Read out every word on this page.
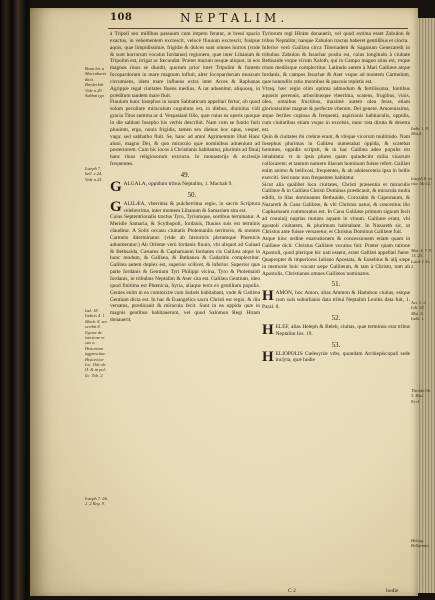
108	NEPTALIM.

à Tripoli sex millibus passuum cum impetu feratur, æ breui spacio exactus, in vehementem excrescit, velocê fluuium excrescit, fusipue aquis, quæ limpidissimæ, frigidæ & dulces sunt omnes horros (vnde & sunt horrorum vocatus Iordanus) regionem, quæ inter Libanum & Tripolim est, irrigat ac fœcundat. Præter murum resque aliquot, in eos magnos riuos se diuidit, quorum prior inter Tripolim & fontem Iocopardorum in mare magnum influit, alter Iocopardorum muscum circumiens, idem mare influens extra inter Arces & Raphanas Agrippæ regal ciuitates fluens medius, A rat aduenitur, aliquosq, in præditum tandem mare fluit.

Fluuium hunc Iosephus in suum Sabbaticum appellari fertur, ob quod solum peculiare miraculum cognitum est, in diebus, diuinitus vidi gracia Titus summa ac d. Vespasiani filio, quæ cuius ea operis quoque in die sabbati Iosepho his verbis describit. Nam cum se fundo furit pluuium, ergo, nouis frigidis, tamen sex diebus hoc opus, vesper, vaga: sed sabbatho fluit. Se, hanc ad amni Agrimentum illud Hanc aluni, magno Dei, & quo miraculo quæ nominibus adueniunt ad posteriorem. Cum hic iocos à Christianis habitantur, plurimis ad fluuij hanc riuos religiosorum extructa. In monasterijs & ecclesijs frequentes.

49.

GALGALA, oppidum tribus Neptalim, 1. Machab 9.

50.

GALILÆA, vberrima & pulcherrima regio, in sacris Scriptura celeberrima, inter montem Libanum & Samariam sita est.

Cuius Septentrionalis tractus Tyro, Tyriumque, sortibus terminatur. A Meridie Samaria, & Scythopoli, Iordanis, fluuius suis est terminis clauditur. A Solis occasu ciuitatis Ptolemaidis territorio, & montes Carmelo diterminatur. (vide ab historicis plerumque Phœnicis adnumeratur.) Ab Oriente verò Iordanis fluuio, vbi aliquot ad Galaad & Bethsaida, Cæsarea & Capharnaum Iordanes cis Galilæa atque in hunc modum, & Galilæa, & Bathanea & Gadaritis complectitur. Galilæa autem duplex est, superior scilicet, & inferior. Superior quæ parte Iordanis & Gentium Tyri Philippi vicina, Tyro & Ptolemaidi Iordanis, in tribubus Neptalim & Aser sita est. Galilæa Gentium, ideo quod finitima est Phœnicia, Syria, aliaque terra ex gentilium populis. Gentes enim in ea commixtæ cum Iudæis habitabant, vnde & Galilæa Gentium dicta est. In hac & Euangelica sacra Christi est regio, & diu versatus, prædicauit & miracula fecit. Sunt in ea oppida quæ in magnis gentibus habitauerunt, vel quod Salomon Regi Hiram donauerit.

Tyriorum regi Hiram donauerit, vel quod extima esset Zabulon & tribus Neptalim; nanque Zabulon tractus haberet gentilibus et cincta.

Inferior verò Galilæa circa Tiberiadem & Saganum Genezareth in tribubus Zabulon & Issachar posita est, cuius longitudo à ciuitate Bethsaide vsque vicum Xaloth, qui in Campo magno situs est, vsque trium mediisque complectitur. Latitudo autem à Mari Galilææ atque Iordanis, & campos Issachar & Aser vsque ad montem Carmelum, quæ nonnullis ratio montibus & pascuis repletis est.

Vtraq. hæc regio olim optima admodum & fertilissima, fontibus aquosis perennis, arboribusque vberrima, scatens, frugibus, vinis, oleo, omnibus fructibus, maximè autem olea feras, etiam gloriosissime magnæ & perfectæ vberum. Dei genere. Amoenissima, atque fertiles copiosa & frequenti, aspicionis habitaculis, oppidis, cum ciuitatibus etiam vsque in excelsis, nunc tota diruta & deserta est.

Quin & ciuitates ibi crebræ erant, & vbique vicorum multitudo. Nam Iosephus plurimas in Galilæa numerabat oppida, & scatebat homines, oppidis scripsit, & in hac Galilæa adeo populis est inhabitata: vt in ipsis plures quam quindecim milia viuorum collocarent; et tantum numero illarum hominum fuisse refert. Galilæi enim animo & bellicosi, frequentes, & ab adolescentia ipsa in bellis exerciti. Sed nunc non frequentes habitatur.

Sicut alia qualibet loca ciuitates, Christi præsentia et miraculis Galilææ & in Galilæa Christi Dominus prædicauit, & miracula multa edidit, in illas dominantes Bethsaide, Corozaim & Capernaum, & Nazareth & Cana Galilææ, & vbi Christus natus, & concentus illo Capharnaum commoratus est. In Cana Galilææ primum signum fecit ad conuiuij nuptias mutans aquam in vinum. Galilææ erant, vbi apostoli ciuitatem, & plurimum habitabant. In Nazareth sic, ut Christus ante fuisse versaretur, et Christus Dominus Galilææ fuit.

Atque hinc ordine enarrationem & concessionem etiam quam in Galilææ dicit. Christus Galilææ vocatus fuit. Præter quam ratione Apostoli, quod plerique hic nati essent, erant Galilæi appellati fuere. Quapropter & imperiores Iuliano Apostata, & Eusebius & alij sæpe in memorie huic vocant sæpe Galilæum, & tam à Christo, tum ab Apostolis, Christianos omnes Galilæos nominatos.

51.

HAMON, hoc Amon, alias Ammon & Hammon ciuitas, estque cum suis suburbanis data tribui Neptalim Leuitis data fuit, 1. Paral. 6.

52.

HELEF, alias Heleph & Beleb, ciuitas, quæ terminus erat tribus Neptalim Ios. 19.

53.

HELIOPOLIS Cœlesyriæ vrbs, quondam Archiepiscopali sede inclyta, quæ hodie

Bona hic a Maccabaeis dicit. Breslerbib. Vide n.29. Sabbat typ.
Ioseph 7. bell. c.24. Vide n.25.
Iud. 18. Iudicis 4. 1 Mach. 8. ser. scribit 8. Egeste de interiore et suo n. Historiam aggrescitur. Historicae loc. Vide de II. & in pol. lic. Tob. 2.
Ioseph 7. lib. 2. 2 Reg. 9.
Iudic 1. 8. Mat.4.
Ioseph 8. in vita. Mi.12.
Mat. 4. 7. 9. 13. 25. Lucæ 1. Io. 2.
Act. 1. 2. Ioh. 18. Mat. 5. Iudic 1.
Theodo lib. 3. Hist. Eccl.
Heliog. Bellarmin.
C 2	hodie
